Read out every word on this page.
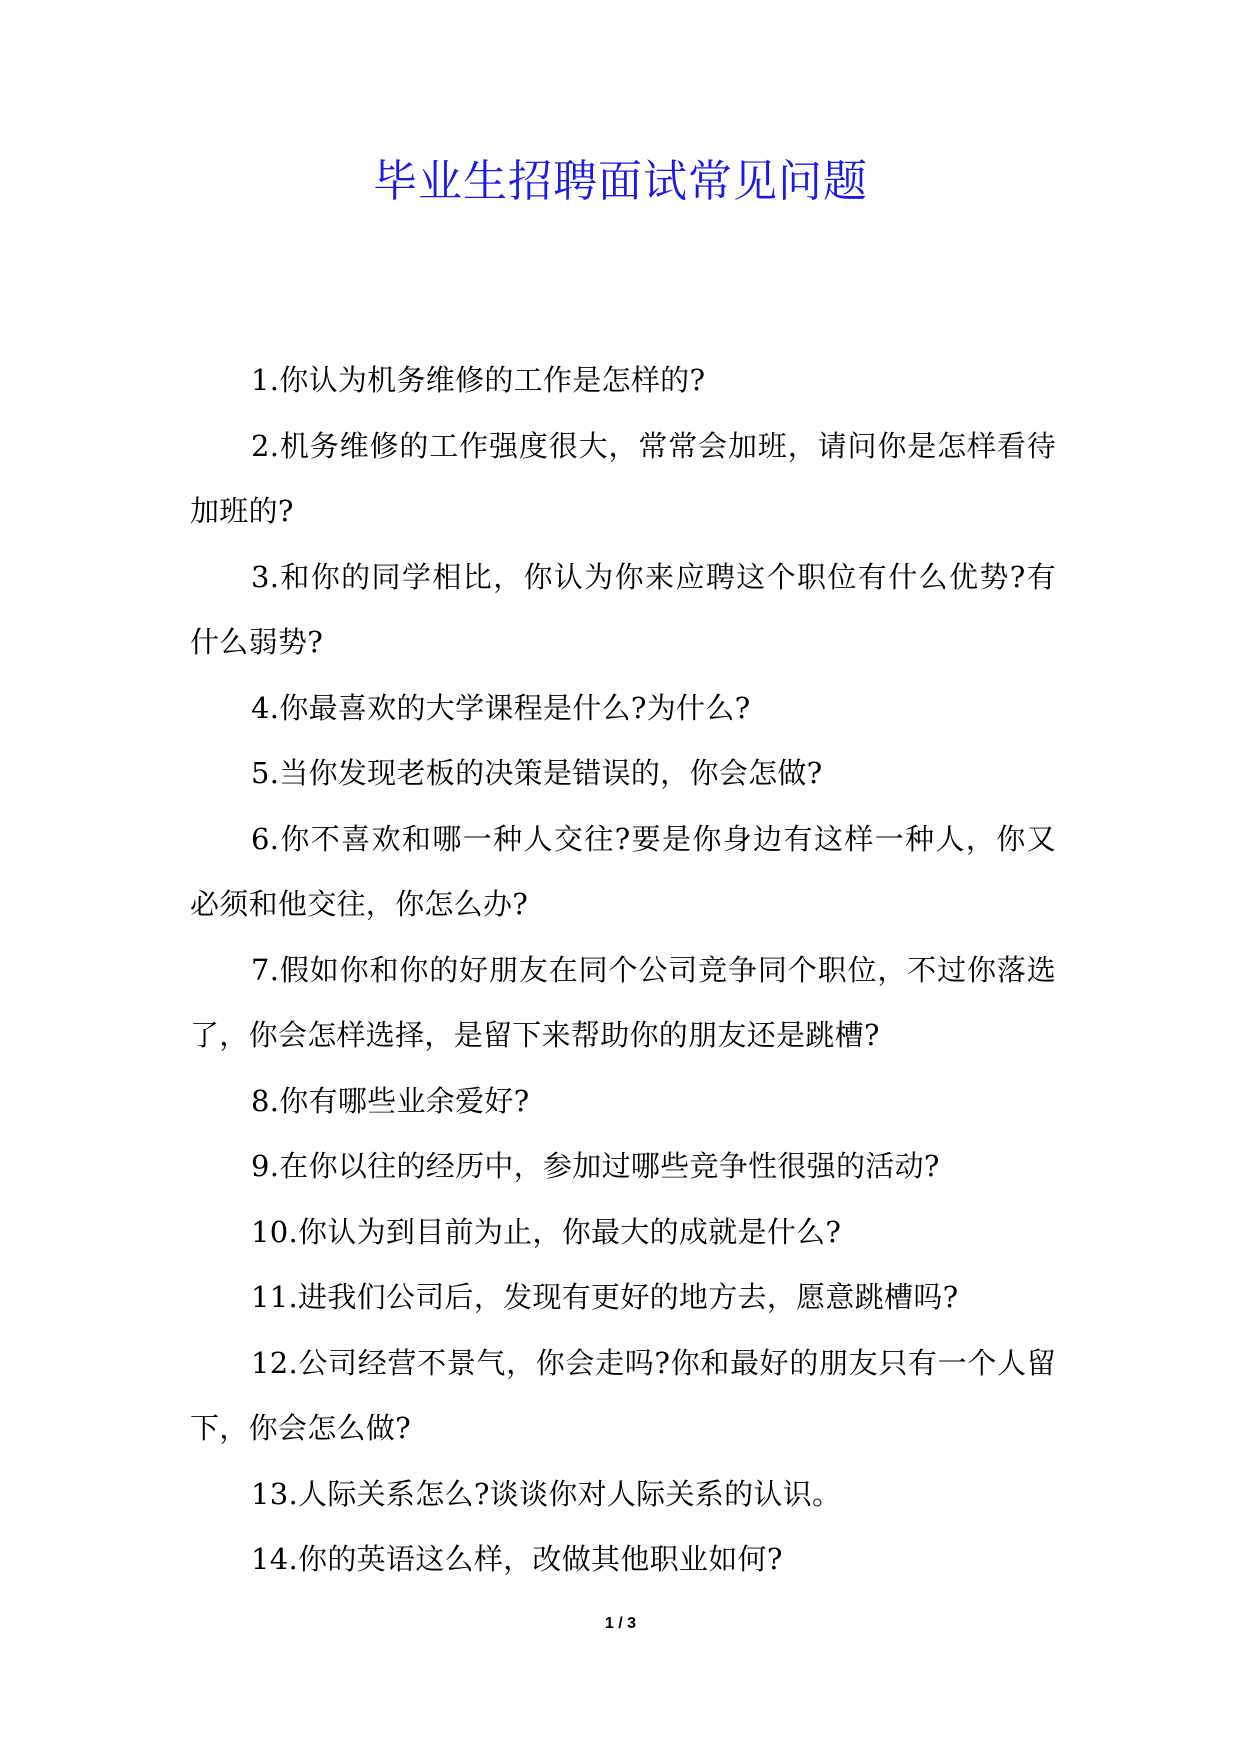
毕业生招聘面试常见问题

1.你认为机务维修的工作是怎样的?

2.机务维修的工作强度很大，常常会加班，请问你是怎样看待加班的?

3.和你的同学相比，你认为你来应聘这个职位有什么优势?有什么弱势?

4.你最喜欢的大学课程是什么?为什么?

5.当你发现老板的决策是错误的，你会怎做?

6.你不喜欢和哪一种人交往?要是你身边有这样一种人，你又必须和他交往，你怎么办?

7.假如你和你的好朋友在同个公司竞争同个职位，不过你落选了，你会怎样选择，是留下来帮助你的朋友还是跳槽?

8.你有哪些业余爱好?

9.在你以往的经历中，参加过哪些竞争性很强的活动?

10.你认为到目前为止，你最大的成就是什么?

11.进我们公司后，发现有更好的地方去，愿意跳槽吗?

12.公司经营不景气，你会走吗?你和最好的朋友只有一个人留下，你会怎么做?

13.人际关系怎么?谈谈你对人际关系的认识。

14.你的英语这么样，改做其他职业如何?

1 / 3
